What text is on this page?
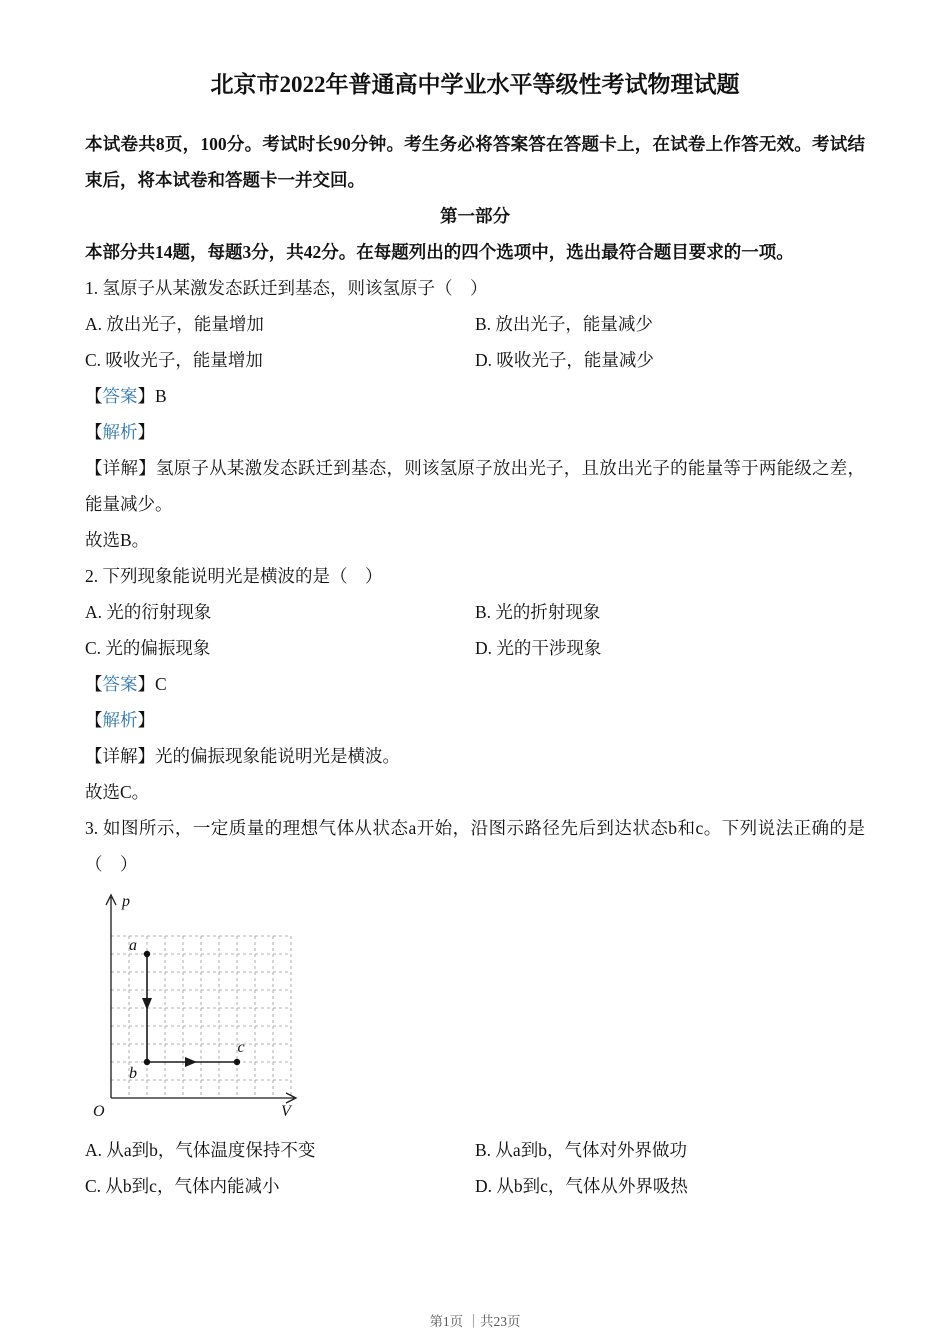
北京市2022年普通高中学业水平等级性考试物理试题

本试卷共8页，100分。考试时长90分钟。考生务必将答案答在答题卡上，在试卷上作答无效。考试结束后，将本试卷和答题卡一并交回。

第一部分

本部分共14题，每题3分，共42分。在每题列出的四个选项中，选出最符合题目要求的一项。

1. 氢原子从某激发态跃迁到基态，则该氢原子（　）

A. 放出光子，能量增加	B. 放出光子，能量减少
C. 吸收光子，能量增加	D. 吸收光子，能量减少

【答案】B

【解析】

【详解】氢原子从某激发态跃迁到基态，则该氢原子放出光子，且放出光子的能量等于两能级之差，能量减少。

故选B。

2. 下列现象能说明光是横波的是（　）

A. 光的衍射现象	B. 光的折射现象
C. 光的偏振现象	D. 光的干涉现象

【答案】C

【解析】

【详解】光的偏振现象能说明光是横波。

故选C。

3. 如图所示，一定质量的理想气体从状态a开始，沿图示路径先后到达状态b和c。下列说法正确的是（　）

p
V
O
a
b
c
A. 从a到b，气体温度保持不变	B. 从a到b，气体对外界做功
C. 从b到c，气体内能减小	D. 从b到c，气体从外界吸热
第1页 ｜共23页
